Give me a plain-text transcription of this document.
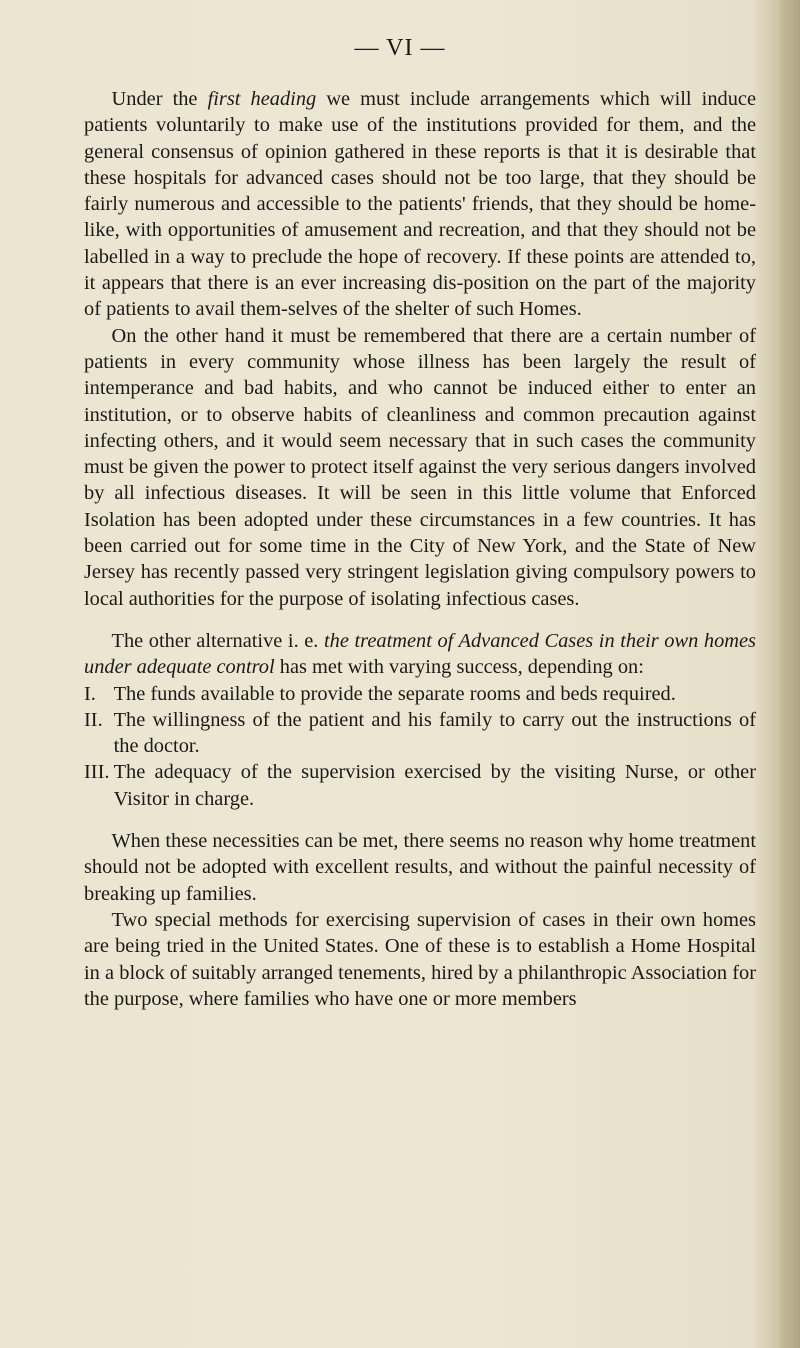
— VI —

Under the first heading we must include arrangements which will induce patients voluntarily to make use of the institutions provided for them, and the general consensus of opinion gathered in these reports is that it is desirable that these hospitals for advanced cases should not be too large, that they should be fairly numerous and accessible to the patients' friends, that they should be home-like, with opportunities of amusement and recreation, and that they should not be labelled in a way to preclude the hope of recovery. If these points are attended to, it appears that there is an ever increasing dis-position on the part of the majority of patients to avail them-selves of the shelter of such Homes.

On the other hand it must be remembered that there are a certain number of patients in every community whose illness has been largely the result of intemperance and bad habits, and who cannot be induced either to enter an institution, or to observe habits of cleanliness and common precaution against infecting others, and it would seem necessary that in such cases the community must be given the power to protect itself against the very serious dangers involved by all infectious diseases. It will be seen in this little volume that Enforced Isolation has been adopted under these circumstances in a few countries. It has been carried out for some time in the City of New York, and the State of New Jersey has recently passed very stringent legislation giving compulsory powers to local authorities for the purpose of isolating infectious cases.

The other alternative i. e. the treatment of Advanced Cases in their own homes under adequate control has met with varying success, depending on:

I. The funds available to provide the separate rooms and beds required.
II. The willingness of the patient and his family to carry out the instructions of the doctor.
III. The adequacy of the supervision exercised by the visiting Nurse, or other Visitor in charge.

When these necessities can be met, there seems no reason why home treatment should not be adopted with excellent results, and without the painful necessity of breaking up families.

Two special methods for exercising supervision of cases in their own homes are being tried in the United States. One of these is to establish a Home Hospital in a block of suitably arranged tenements, hired by a philanthropic Association for the purpose, where families who have one or more members
